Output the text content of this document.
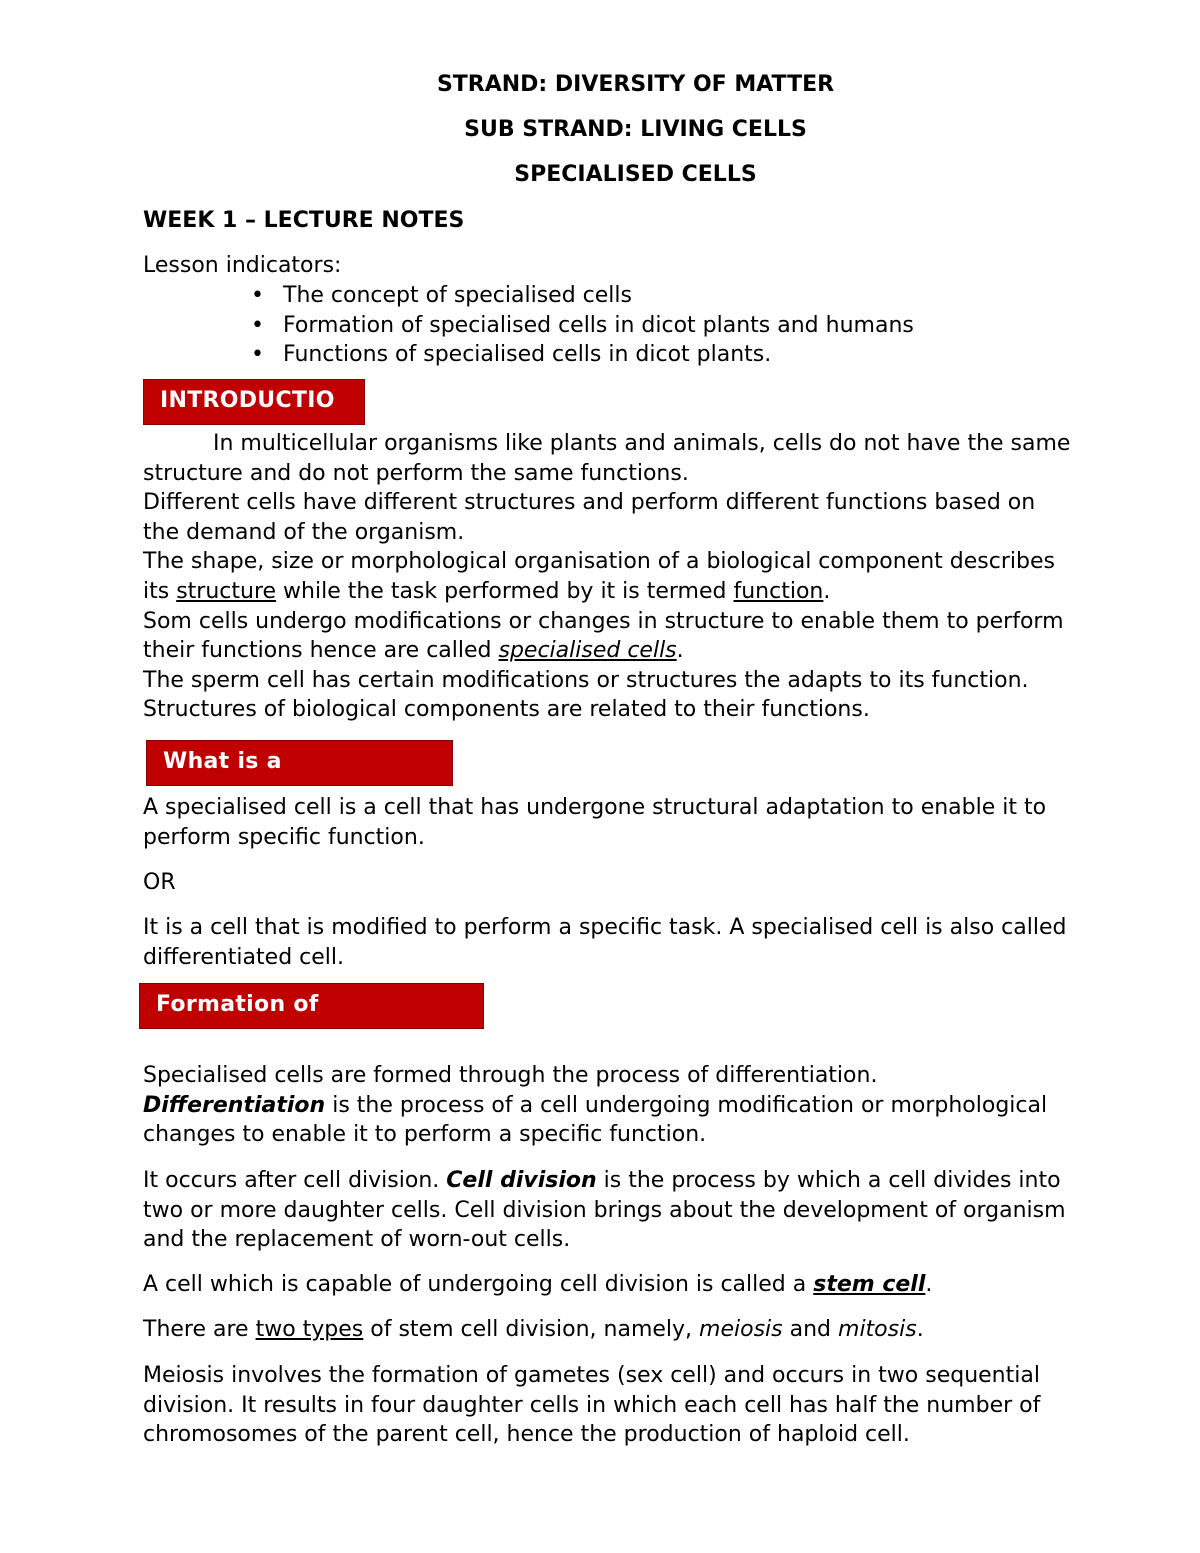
STRAND: DIVERSITY OF MATTER

SUB STRAND: LIVING CELLS

SPECIALISED CELLS

WEEK 1 – LECTURE NOTES

Lesson indicators:

• The concept of specialised cells
• Formation of specialised cells in dicot plants and humans
• Functions of specialised cells in dicot plants.
INTRODUCTIO

In multicellular organisms like plants and animals, cells do not have the same
structure and do not perform the same functions.
Different cells have different structures and perform different functions based on
the demand of the organism.
The shape, size or morphological organisation of a biological component describes
its structure while the task performed by it is termed function.
Som cells undergo modifications or changes in structure to enable them to perform
their functions hence are called specialised cells.
The sperm cell has certain modifications or structures the adapts to its function.
Structures of biological components are related to their functions.

What is a

A specialised cell is a cell that has undergone structural adaptation to enable it to
perform specific function.

OR

It is a cell that is modified to perform a specific task. A specialised cell is also called
differentiated cell.

Formation of

Specialised cells are formed through the process of differentiation.
Differentiation is the process of a cell undergoing modification or morphological
changes to enable it to perform a specific function.

It occurs after cell division. Cell division is the process by which a cell divides into
two or more daughter cells. Cell division brings about the development of organism
and the replacement of worn-out cells.

A cell which is capable of undergoing cell division is called a stem cell.

There are two types of stem cell division, namely, meiosis and mitosis.

Meiosis involves the formation of gametes (sex cell) and occurs in two sequential
division. It results in four daughter cells in which each cell has half the number of
chromosomes of the parent cell, hence the production of haploid cell.
